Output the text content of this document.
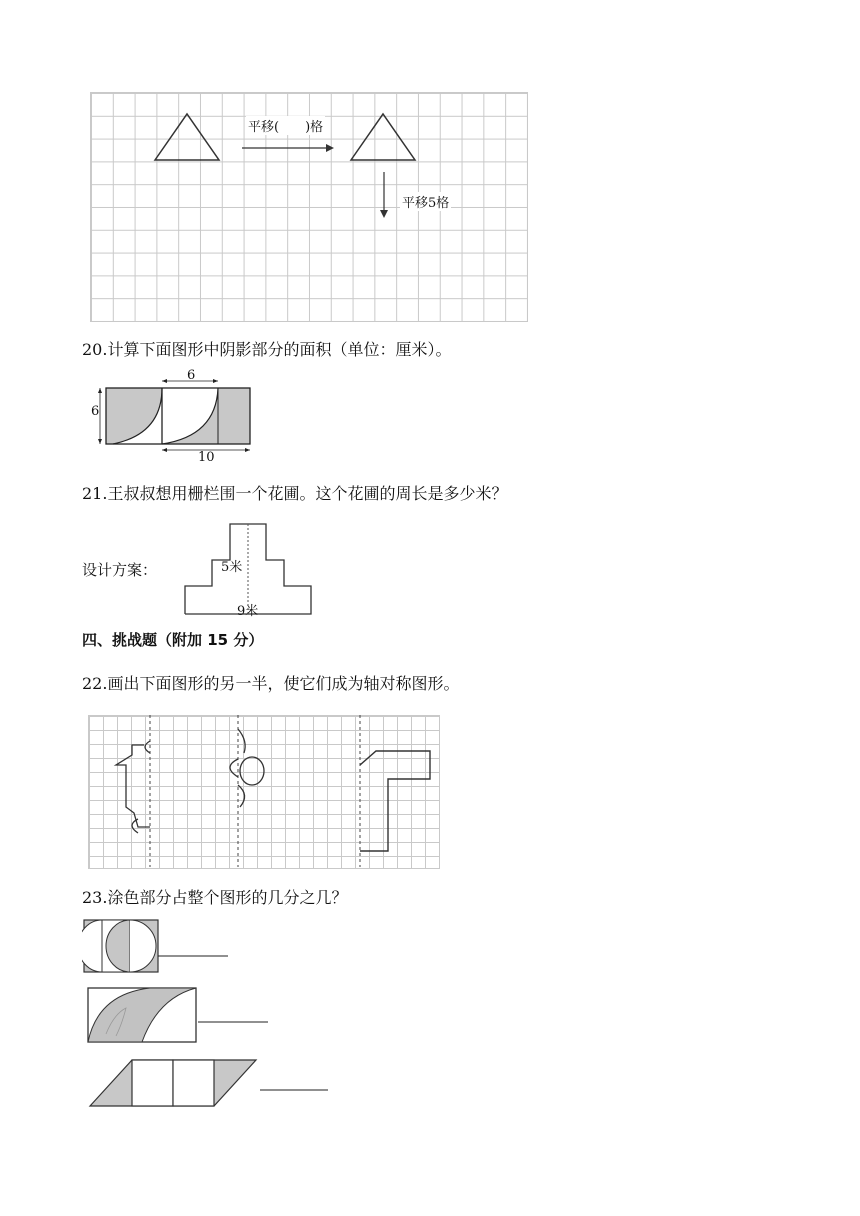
平移(　　)格
平移5格
20.计算下面图形中阴影部分的面积（单位：厘米）。
6
6
10
21.王叔叔想用栅栏围一个花圃。这个花圃的周长是多少米？
设计方案：	5米
9米
四、挑战题（附加 15 分）
22.画出下面图形的另一半，使它们成为轴对称图形。
23.涂色部分占整个图形的几分之几？
